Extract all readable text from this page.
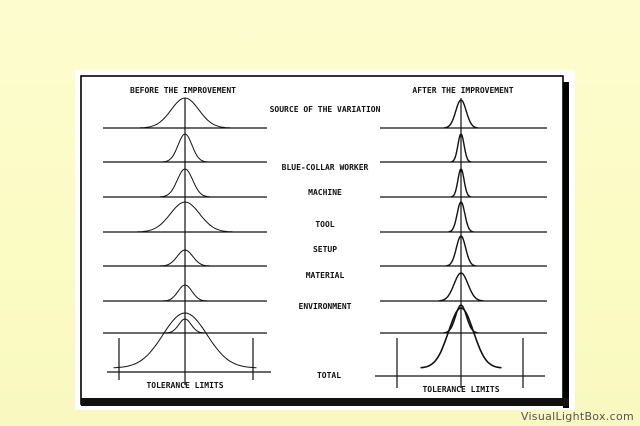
BEFORE THE IMPROVEMENT	AFTER THE IMPROVEMENT
SOURCE OF THE VARIATION
BLUE-COLLAR WORKER
MACHINE
TOOL
SETUP
MATERIAL
ENVIRONMENT
TOTAL
TOLERANCE LIMITS	TOLERANCE LIMITS
VisualLightBox.com
